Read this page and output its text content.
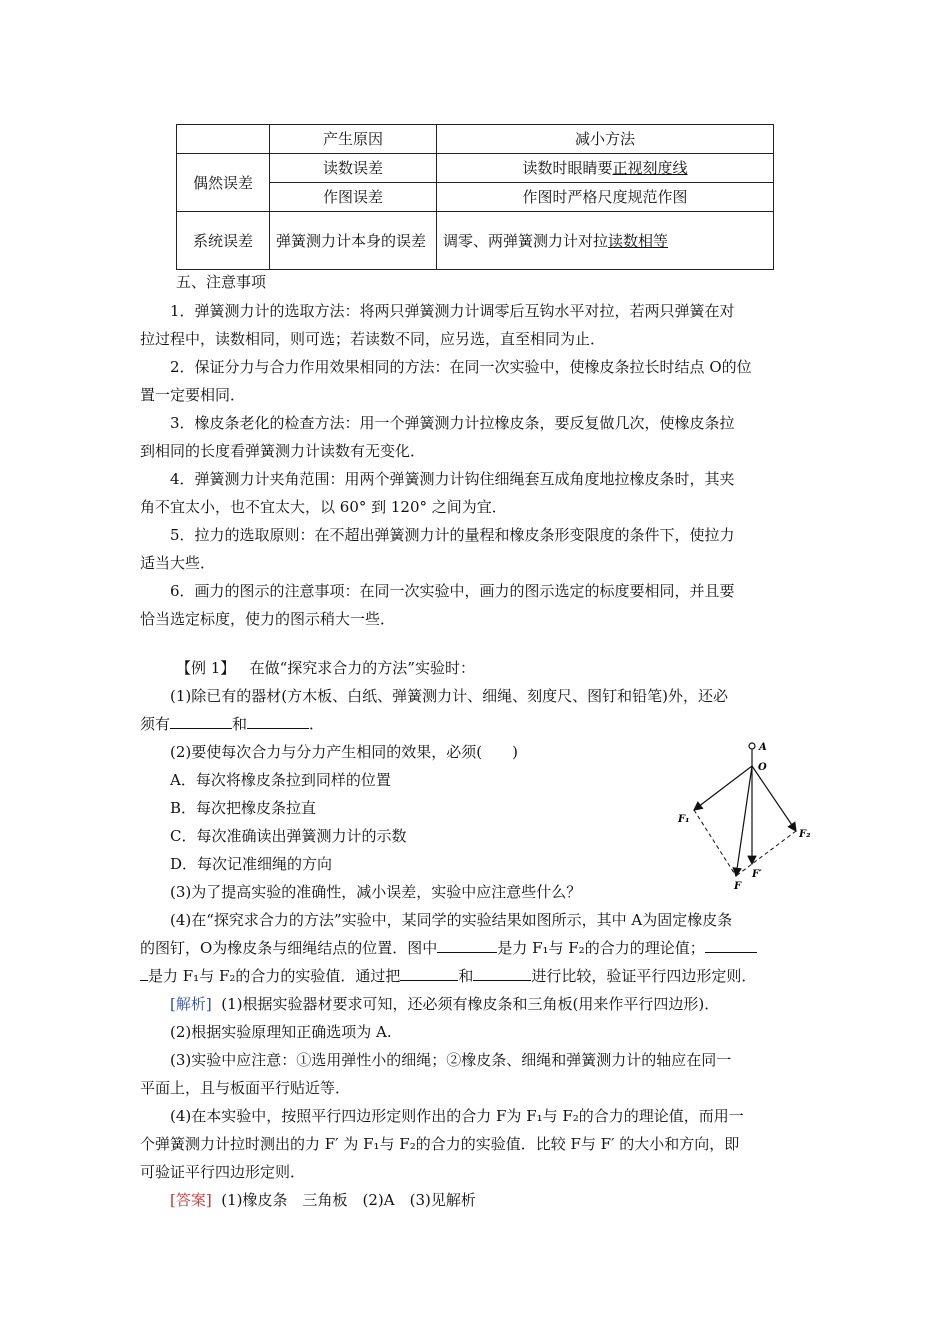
	产生原因	减小方法
偶然误差	读数误差	读数时眼睛要正视刻度线
	作图误差	作图时严格尺度规范作图
系统误差	弹簧测力计本身的误差	调零、两弹簧测力计对拉读数相等
五、注意事项
1．弹簧测力计的选取方法：将两只弹簧测力计调零后互钩水平对拉，若两只弹簧在对
拉过程中，读数相同，则可选；若读数不同，应另选，直至相同为止．
2．保证分力与合力作用效果相同的方法：在同一次实验中，使橡皮条拉长时结点 O的位
置一定要相同．
3．橡皮条老化的检查方法：用一个弹簧测力计拉橡皮条，要反复做几次，使橡皮条拉
到相同的长度看弹簧测力计读数有无变化．
4．弹簧测力计夹角范围：用两个弹簧测力计钩住细绳套互成角度地拉橡皮条时，其夹
角不宜太小，也不宜太大，以 60° 到 120° 之间为宜．
5．拉力的选取原则：在不超出弹簧测力计的量程和橡皮条形变限度的条件下，使拉力
适当大些．
6．画力的图示的注意事项：在同一次实验中，画力的图示选定的标度要相同，并且要
恰当选定标度，使力的图示稍大一些．
【例 1】 在做“探究求合力的方法”实验时：
(1)除已有的器材(方木板、白纸、弹簧测力计、细绳、刻度尺、图钉和铅笔)外，还必
须有	和	．
(2)要使每次合力与分力产生相同的效果，必须(　　)
A．每次将橡皮条拉到同样的位置
B．每次把橡皮条拉直
C．每次准确读出弹簧测力计的示数
D．每次记准细绳的方向
(3)为了提高实验的准确性，减小误差，实验中应注意些什么？
(4)在“探究求合力的方法”实验中，某同学的实验结果如图所示，其中 A为固定橡皮条
的图钉，O为橡皮条与细绳结点的位置．图中	是力 F₁与 F₂的合力的理论值；
是力 F₁与 F₂的合力的实验值．通过把	和	进行比较，验证平行四边形定则．
A
O
F₁
F₂
F
F′
[解析] (1)根据实验器材要求可知，还必须有橡皮条和三角板(用来作平行四边形)．
(2)根据实验原理知正确选项为 A.
(3)实验中应注意：①选用弹性小的细绳；②橡皮条、细绳和弹簧测力计的轴应在同一
平面上，且与板面平行贴近等．
(4)在本实验中，按照平行四边形定则作出的合力 F为 F₁与 F₂的合力的理论值，而用一
个弹簧测力计拉时测出的力 F′ 为 F₁与 F₂的合力的实验值．比较 F与 F′ 的大小和方向，即
可验证平行四边形定则．
[答案] (1)橡皮条　三角板　(2)A　(3)见解析
